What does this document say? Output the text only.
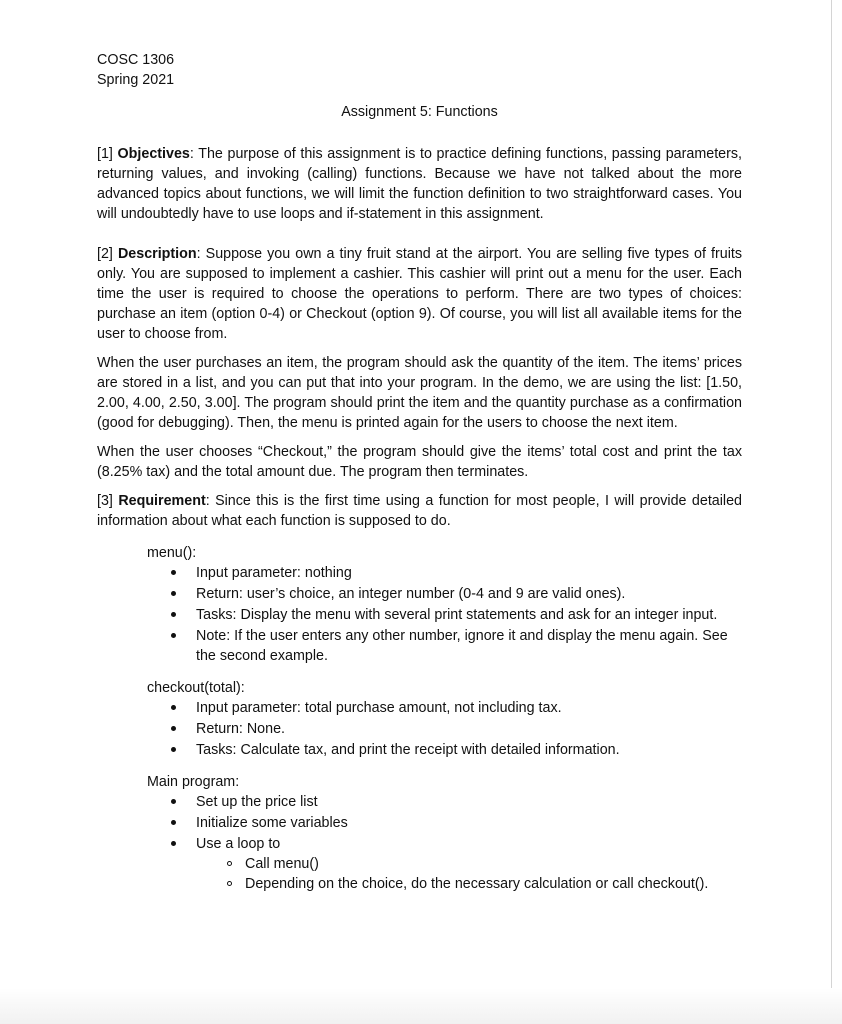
COSC 1306

Spring 2021

Assignment 5: Functions

[1] Objectives: The purpose of this assignment is to practice defining functions, passing parameters, returning values, and invoking (calling) functions. Because we have not talked about the more advanced topics about functions, we will limit the function definition to two straightforward cases. You will undoubtedly have to use loops and if-statement in this assignment.

[2] Description: Suppose you own a tiny fruit stand at the airport. You are selling five types of fruits only. You are supposed to implement a cashier. This cashier will print out a menu for the user. Each time the user is required to choose the operations to perform. There are two types of choices: purchase an item (option 0-4) or Checkout (option 9). Of course, you will list all available items for the user to choose from.

When the user purchases an item, the program should ask the quantity of the item. The items’ prices are stored in a list, and you can put that into your program. In the demo, we are using the list: [1.50, 2.00, 4.00, 2.50, 3.00]. The program should print the item and the quantity purchase as a confirmation (good for debugging). Then, the menu is printed again for the users to choose the next item.

When the user chooses “Checkout,” the program should give the items’ total cost and print the tax (8.25% tax) and the total amount due. The program then terminates.

[3] Requirement: Since this is the first time using a function for most people, I will provide detailed information about what each function is supposed to do.

menu():

Input parameter: nothing
Return: user’s choice, an integer number (0-4 and 9 are valid ones).
Tasks: Display the menu with several print statements and ask for an integer input.
Note: If the user enters any other number, ignore it and display the menu again. See the second example.

checkout(total):

Input parameter: total purchase amount, not including tax.
Return: None.
Tasks: Calculate tax, and print the receipt with detailed information.

Main program:

Set up the price list
Initialize some variables
Use a loop to
Call menu()
Depending on the choice, do the necessary calculation or call checkout().
